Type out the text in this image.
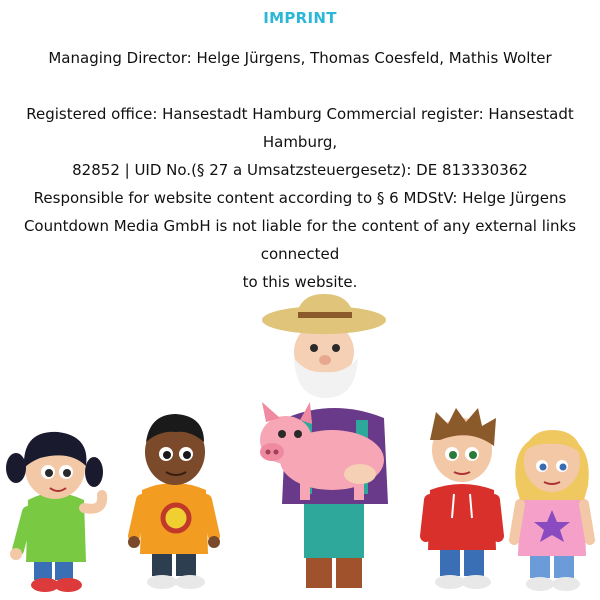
IMPRINT

Managing Director: Helge Jürgens, Thomas Coesfeld, Mathis Wolter

Registered office: Hansestadt Hamburg Commercial register: Hansestadt Hamburg,

82852 | UID No.(§ 27 a Umsatzsteuergesetz): DE 813330362

Responsible for website content according to § 6 MDStV: Helge Jürgens

Countdown Media GmbH is not liable for the content of any external links connected

to this website.
